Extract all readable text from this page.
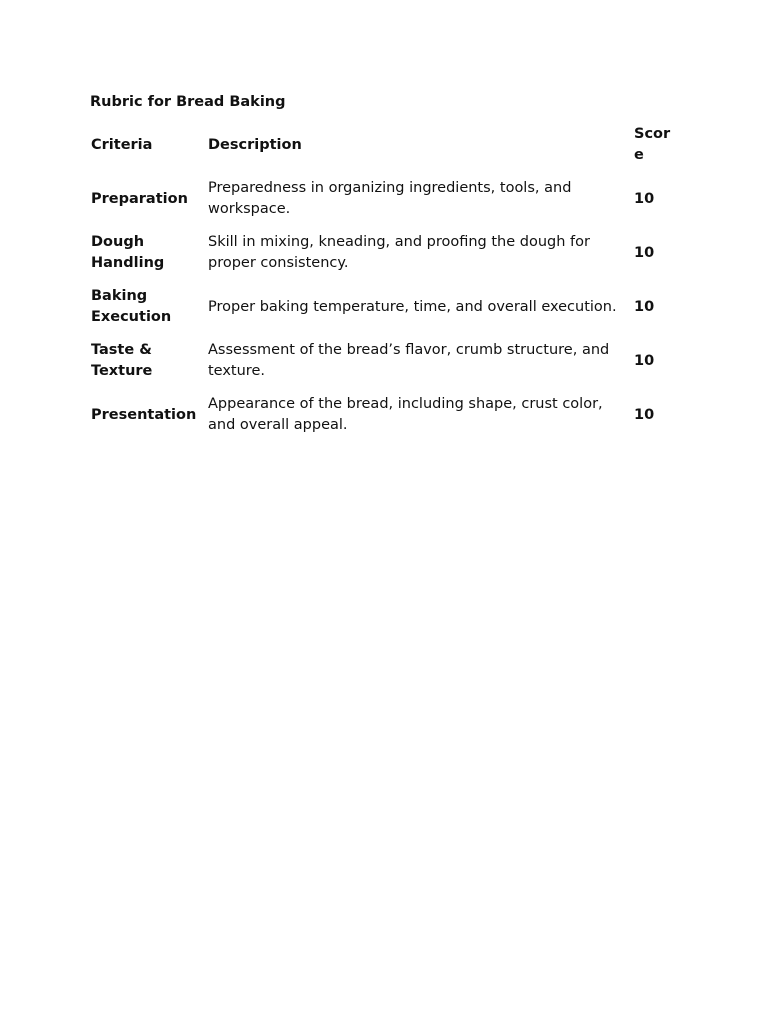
Rubric for Bread Baking
Criteria	Description	Score
Preparation	Preparedness in organizing ingredients, tools, and workspace.	10
Dough Handling	Skill in mixing, kneading, and proofing the dough for proper consistency.	10
Baking Execution	Proper baking temperature, time, and overall execution.	10
Taste & Texture	Assessment of the bread’s flavor, crumb structure, and texture.	10
Presentation	Appearance of the bread, including shape, crust color, and overall appeal.	10
